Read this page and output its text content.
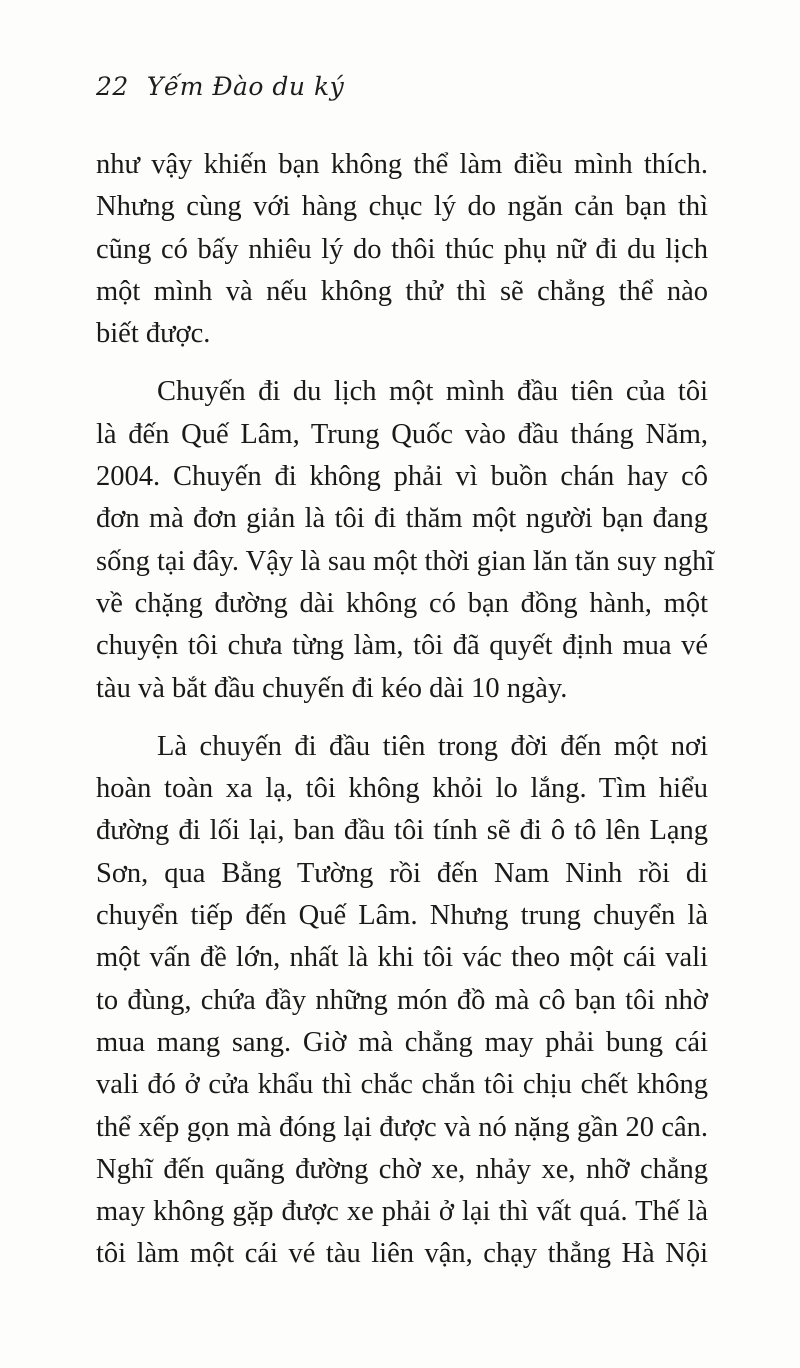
22 Yếm Đào du ký
như vậy khiến bạn không thể làm điều mình thích.
Nhưng cùng với hàng chục lý do ngăn cản bạn thì
cũng có bấy nhiêu lý do thôi thúc phụ nữ đi du lịch
một mình và nếu không thử thì sẽ chẳng thể nào
biết được.
Chuyến đi du lịch một mình đầu tiên của tôi
là đến Quế Lâm, Trung Quốc vào đầu tháng Năm,
2004. Chuyến đi không phải vì buồn chán hay cô
đơn mà đơn giản là tôi đi thăm một người bạn đang
sống tại đây. Vậy là sau một thời gian lăn tăn suy nghĩ
về chặng đường dài không có bạn đồng hành, một
chuyện tôi chưa từng làm, tôi đã quyết định mua vé
tàu và bắt đầu chuyến đi kéo dài 10 ngày.
Là chuyến đi đầu tiên trong đời đến một nơi
hoàn toàn xa lạ, tôi không khỏi lo lắng. Tìm hiểu
đường đi lối lại, ban đầu tôi tính sẽ đi ô tô lên Lạng
Sơn, qua Bằng Tường rồi đến Nam Ninh rồi di
chuyển tiếp đến Quế Lâm. Nhưng trung chuyển là
một vấn đề lớn, nhất là khi tôi vác theo một cái vali
to đùng, chứa đầy những món đồ mà cô bạn tôi nhờ
mua mang sang. Giờ mà chẳng may phải bung cái
vali đó ở cửa khẩu thì chắc chắn tôi chịu chết không
thể xếp gọn mà đóng lại được và nó nặng gần 20 cân.
Nghĩ đến quãng đường chờ xe, nhảy xe, nhỡ chẳng
may không gặp được xe phải ở lại thì vất quá. Thế là
tôi làm một cái vé tàu liên vận, chạy thẳng Hà Nội
